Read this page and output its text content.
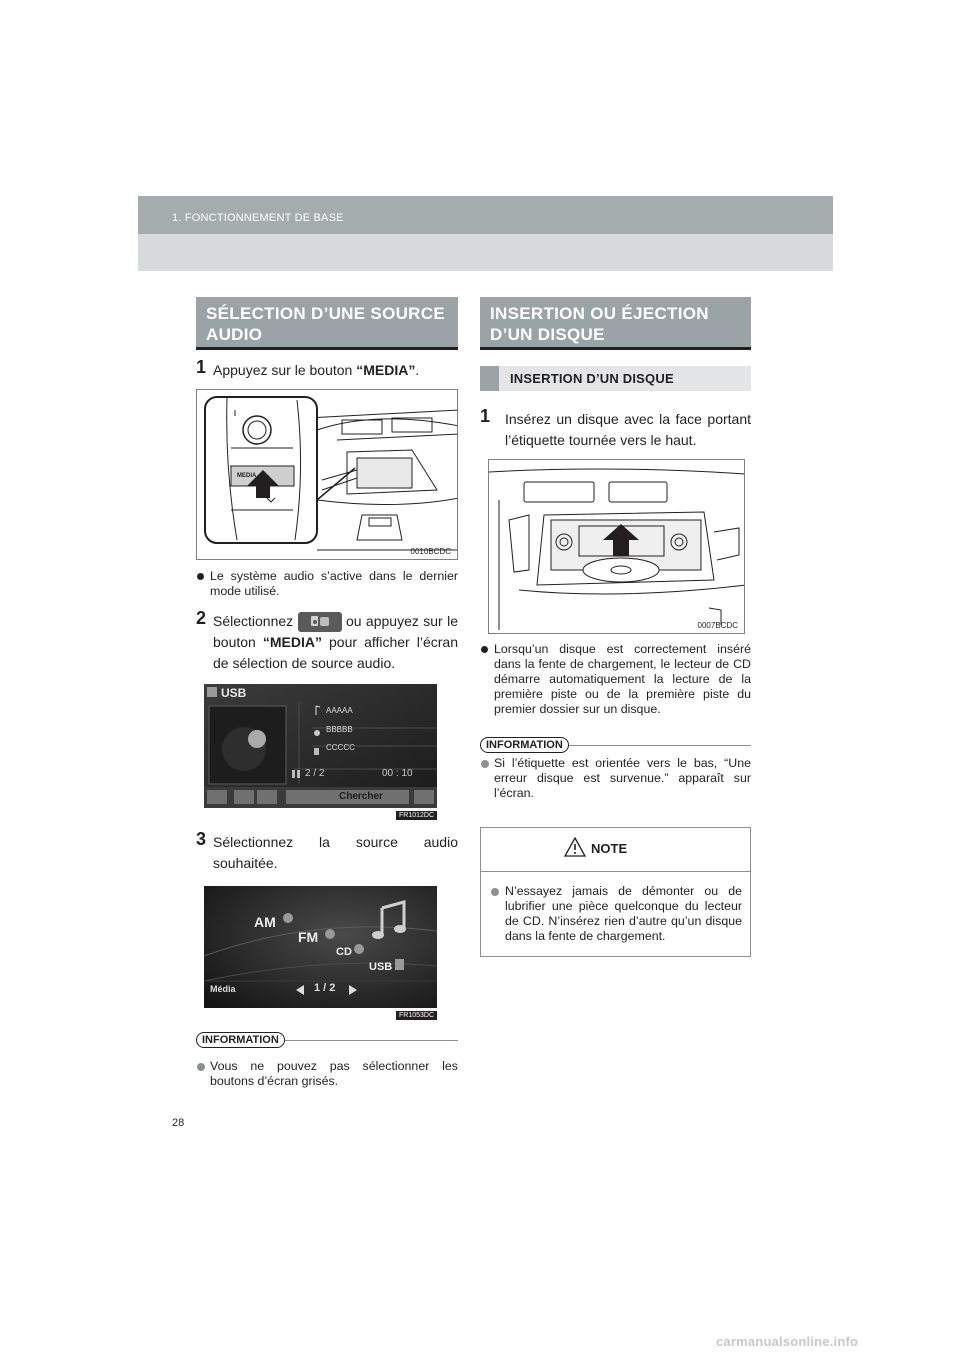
1. FONCTIONNEMENT DE BASE
SÉLECTION D’UNE SOURCE AUDIO
1 Appuyez sur le bouton “MEDIA”.
MEDIA
0010BCDC
Le système audio s’active dans le dernier mode utilisé.
2 Sélectionnez	ou appuyez sur le bouton “MEDIA” pour afficher l’écran de sélection de source audio.
USB
AAAAA
BBBBB
CCCCC
2 / 2	00 : 10
Chercher
FR1012DC
3 Sélectionnez la source audio souhaitée.
AM
FM
CD
USB
Média	1 / 2
FR1053DC
INFORMATION
Vous ne pouvez pas sélectionner les boutons d’écran grisés.
INSERTION OU ÉJECTION D’UN DISQUE
INSERTION D’UN DISQUE
1 Insérez un disque avec la face portant l’étiquette tournée vers le haut.
0007BCDC
Lorsqu’un disque est correctement inséré dans la fente de chargement, le lecteur de CD démarre automatiquement la lecture de la première piste ou de la première piste du premier dossier sur un disque.
INFORMATION
Si l’étiquette est orientée vers le bas, “Une erreur disque est survenue.” apparaît sur l’écran.
NOTE
N’essayez jamais de démonter ou de lubrifier une pièce quelconque du lecteur de CD. N’insérez rien d’autre qu’un disque dans la fente de chargement.
28
carmanualsonline.info
